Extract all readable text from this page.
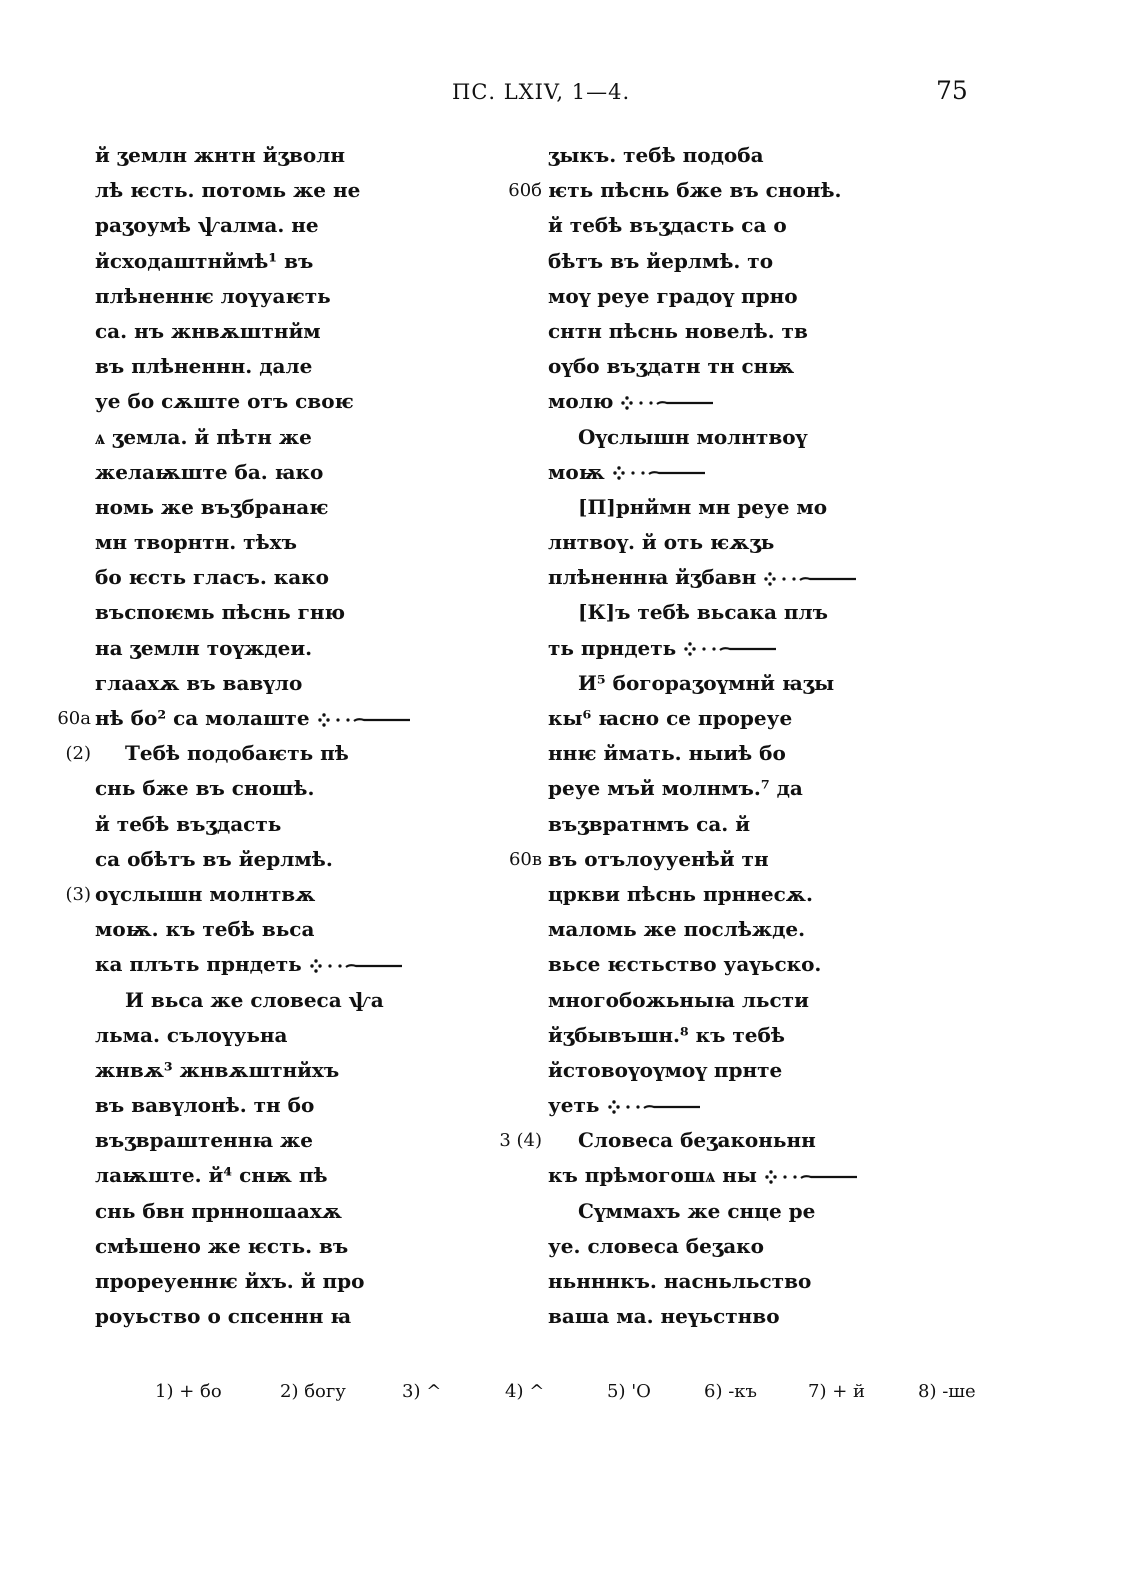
ПС. LXIV, 1—4.	75
й ʒемлн жнтн йʒволн
лѣ ѥсть. потомь же не
раʒоумѣ ѱалма. не
йсходаштнймѣ¹ въ
плѣненнѥ лоүуаѥть
са. нъ жнвѫштнйм
въ плѣненнн. дале
уе бо сѫште отъ своѥ
ѧ ʒемла. й пѣтн же
желаѭште ба. ꙗко
номь же въʒбранаѥ
мн творнтн. тѣхъ
бо ѥсть гласъ. како
въспоѥмь пѣснь гню
на ʒемлн тоүждеи.
глаахѫ въ вавүло
60а нѣ бо² са молаште
(2) Тебѣ подобаѥть пѣ
снь бже въ сношѣ.
й тебѣ въʒдасть
са обѣтъ въ йерлмѣ.
(3) оүслышн молнтвѫ
моѭ. къ тебѣ вьса
ка плъть прндеть
И вьса же словеса ѱа
льма. сълоүуьна
жнвѫ³ жнвѫштнйхъ
въ вавүлонѣ. тн бо
въʒвраштеннꙗ же
лаѭште. й⁴ снѭ пѣ
снь бвн прнношаахѫ
смѣшено же ѥсть. въ
прореуеннѥ йхъ. й про
роуьство о спсеннн ꙗ
ʒыкъ. тебѣ подоба
60б ѥть пѣснь бже въ снонѣ.
й тебѣ въʒдасть са о
бѣтъ въ йерлмѣ. то
моү реуе градоү прно
снтн пѣснь новелѣ. тв
оүбо въʒдатн тн снѭ
молю
Оүслышн молнтвоү
моѭ
[П]рнймн мн реуе мо
лнтвоү. й оть ѥѫʒь
плѣненнꙗ йʒбавн
[К]ъ тебѣ вьсака плъ
ть прндеть
И⁵ богораʒоүмнй ꙗʒы
кы⁶ ꙗсно се прореуе
ннѥ ймать. ныиѣ бо
реуе мъй молнмъ.⁷ да
въʒвратнмъ са. й
60в въ отълоууенѣй тн
цркви пѣснь прннесѫ.
маломь же послѣжде.
вьсе ѥстьство уаүьско.
многобожьныꙗ льсти
йʒбывъшн.⁸ къ тебѣ
йстовоүоүмоү прнте
уеть
3 (4) Словеса беʒаконьнн
къ прѣмогошѧ ны
Сүммахъ же снце ре
уе. словеса беʒако
ньнннкъ. насньльство
ваша ма. неүьстнво
1) + бо	2) богу	3) ^	4) ^	5) 'О	6) -къ	7) + й	8) -ше
